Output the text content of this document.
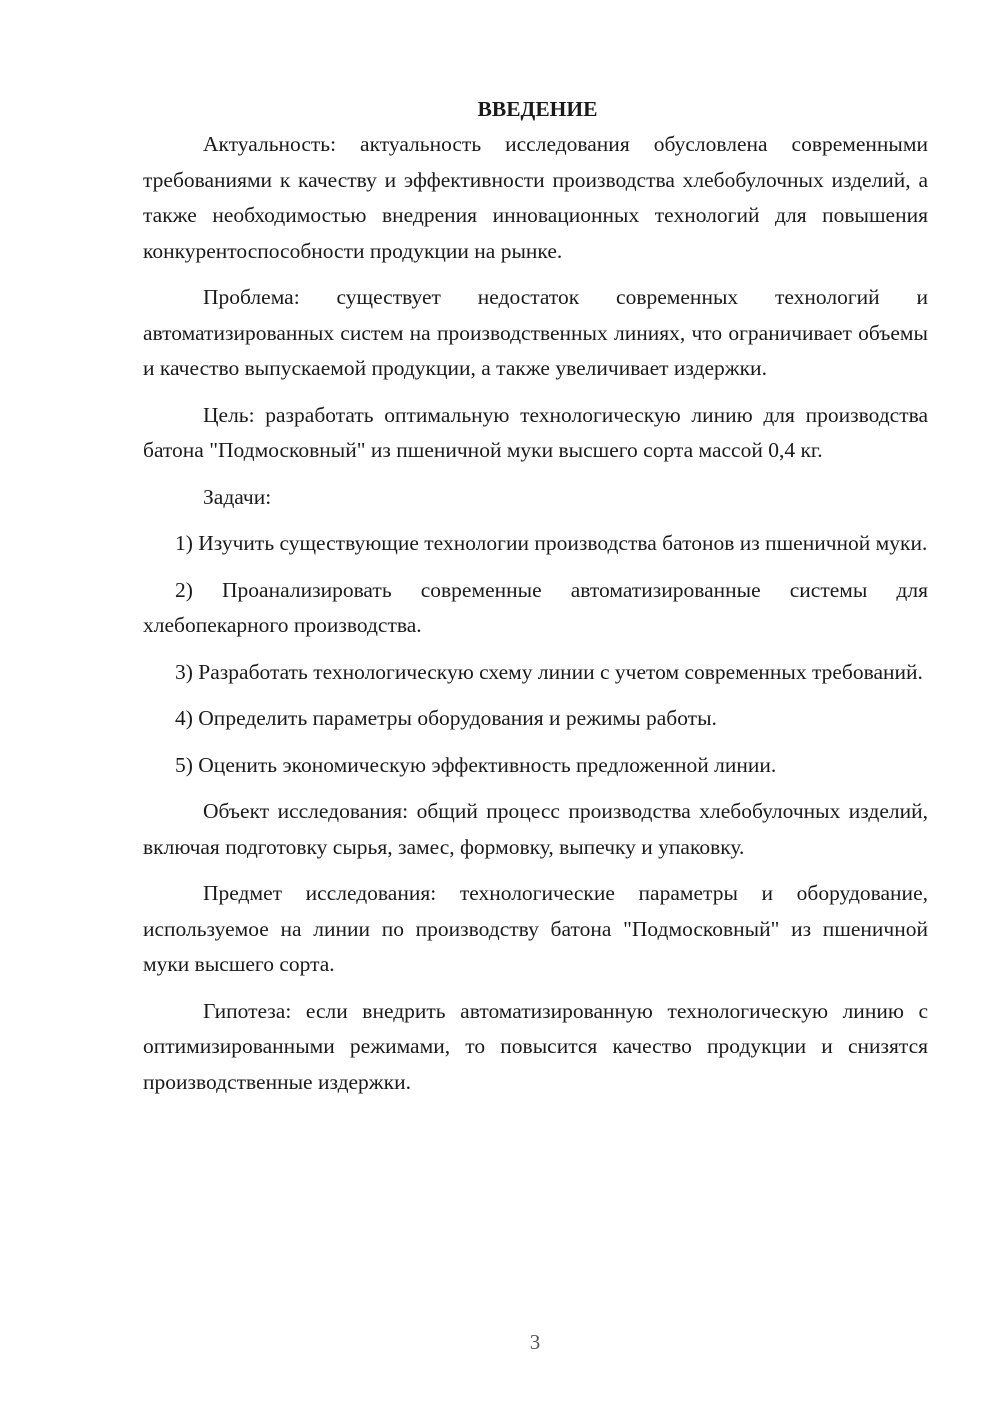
ВВЕДЕНИЕ

Актуальность: актуальность исследования обусловлена современными требованиями к качеству и эффективности производства хлебобулочных изделий, а также необходимостью внедрения инновационных технологий для повышения конкурентоспособности продукции на рынке.

Проблема: существует недостаток современных технологий и автоматизированных систем на производственных линиях, что ограничивает объемы и качество выпускаемой продукции, а также увеличивает издержки.

Цель: разработать оптимальную технологическую линию для производства батона "Подмосковный" из пшеничной муки высшего сорта массой 0,4 кг.

Задачи:

1) Изучить существующие технологии производства батонов из пшеничной муки.

2) Проанализировать современные автоматизированные системы для хлебопекарного производства.

3) Разработать технологическую схему линии с учетом современных требований.

4) Определить параметры оборудования и режимы работы.

5) Оценить экономическую эффективность предложенной линии.

Объект исследования: общий процесс производства хлебобулочных изделий, включая подготовку сырья, замес, формовку, выпечку и упаковку.

Предмет исследования: технологические параметры и оборудование, используемое на линии по производству батона "Подмосковный" из пшеничной муки высшего сорта.

Гипотеза: если внедрить автоматизированную технологическую линию с оптимизированными режимами, то повысится качество продукции и снизятся производственные издержки.

3
